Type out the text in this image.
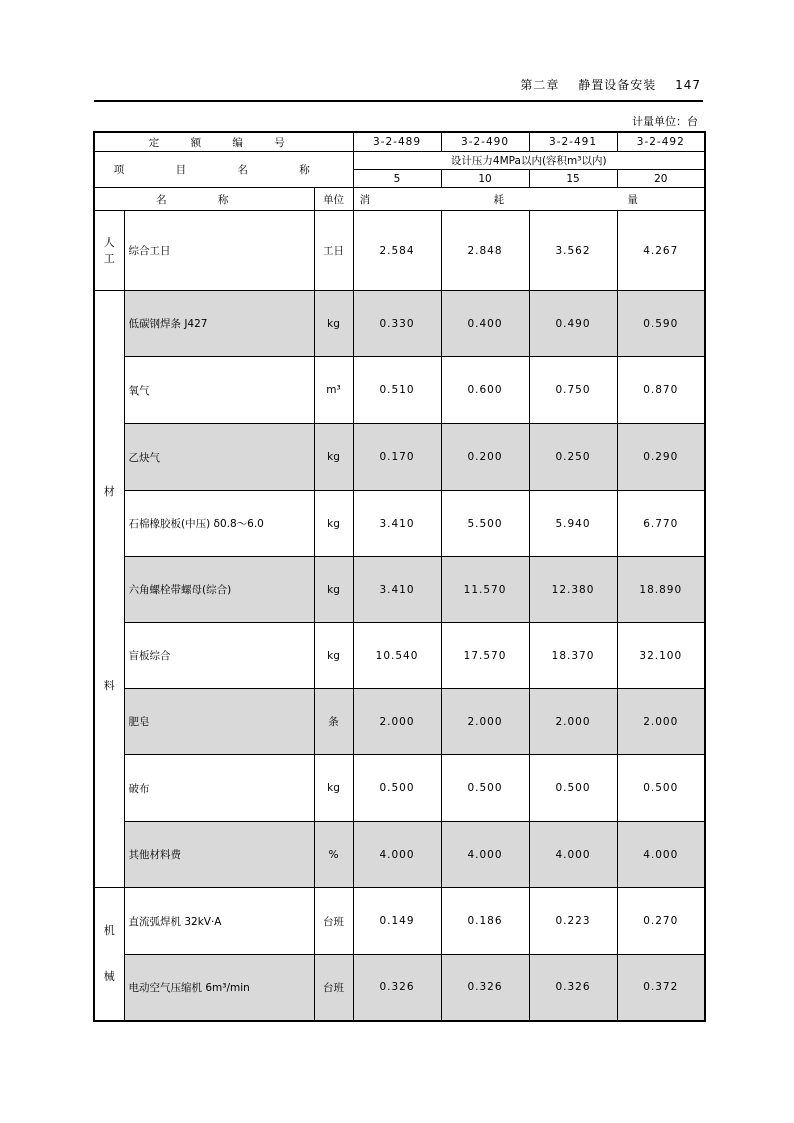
第二章 静置设备安装 147
计量单位：台
定 额 编 号			3-2-489	3-2-490	3-2-491	3-2-492
项 目 名 称			设计压力4MPa以内(容积m³以内)			
			5	10	15	20
名 称		单位	消 耗 量			

人
工	综合工日	工日	2.584	2.848	3.562	4.267

材
料	低碳钢焊条 J427	kg	0.330	0.400	0.490	0.590
	氧气	m³	0.510	0.600	0.750	0.870
	乙炔气	kg	0.170	0.200	0.250	0.290
	石棉橡胶板(中压) δ0.8～6.0	kg	3.410	5.500	5.940	6.770
	六角螺栓带螺母(综合)	kg	3.410	11.570	12.380	18.890
	盲板综合	kg	10.540	17.570	18.370	32.100
	肥皂	条	2.000	2.000	2.000	2.000
	破布	kg	0.500	0.500	0.500	0.500
	其他材料费	%	4.000	4.000	4.000	4.000

机
械	直流弧焊机 32kV·A	台班	0.149	0.186	0.223	0.270
	电动空气压缩机 6m³/min	台班	0.326	0.326	0.326	0.372
